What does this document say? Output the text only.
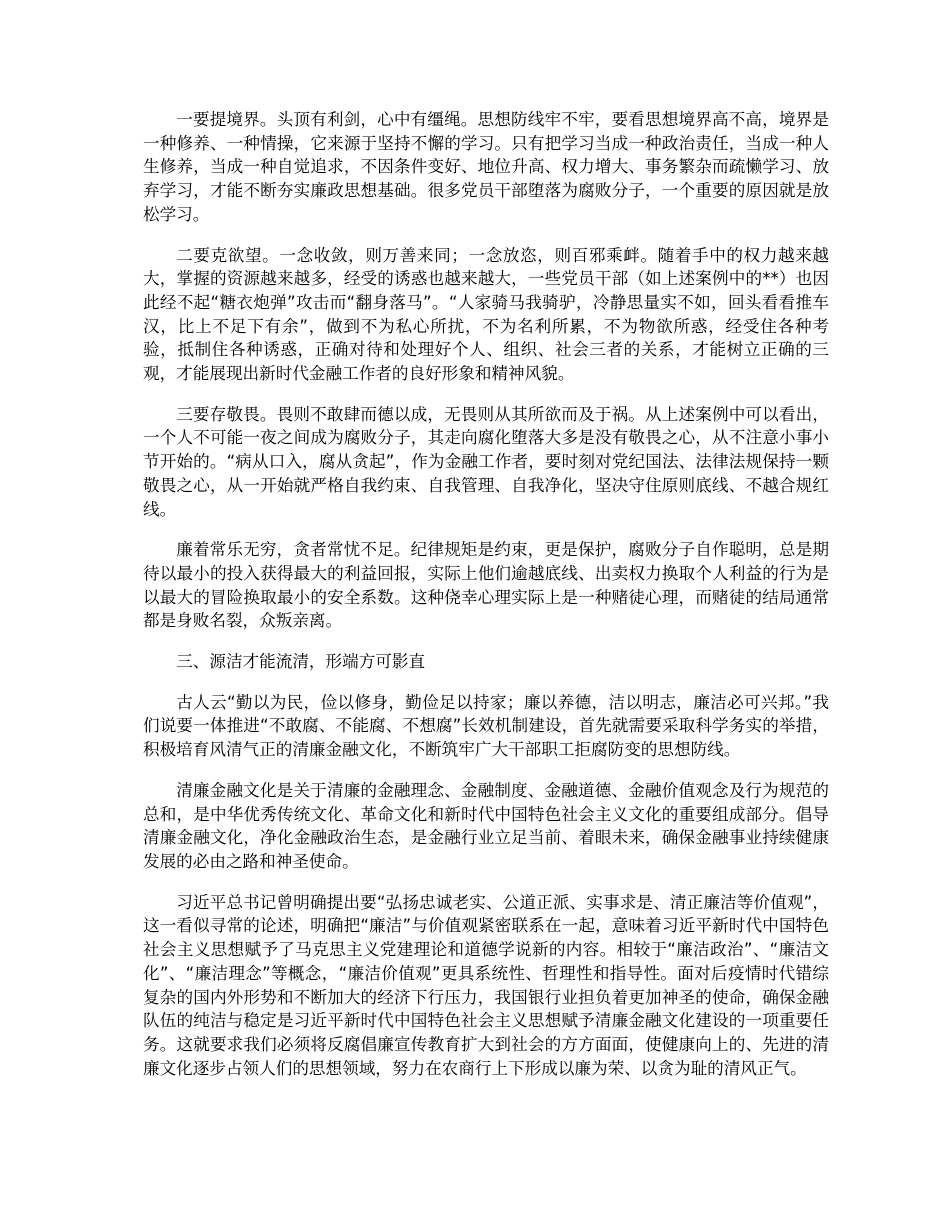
一要提境界。头顶有利剑，心中有缰绳。思想防线牢不牢，要看思想境界高不高，境界是一种修养、一种情操，它来源于坚持不懈的学习。只有把学习当成一种政治责任，当成一种人生修养，当成一种自觉追求，不因条件变好、地位升高、权力增大、事务繁杂而疏懒学习、放弃学习，才能不断夯实廉政思想基础。很多党员干部堕落为腐败分子，一个重要的原因就是放松学习。

二要克欲望。一念收敛，则万善来同；一念放恣，则百邪乘衅。随着手中的权力越来越大，掌握的资源越来越多，经受的诱惑也越来越大，一些党员干部（如上述案例中的**）也因此经不起“糖衣炮弹”攻击而“翻身落马”。“人家骑马我骑驴，冷静思量实不如，回头看看推车汉，比上不足下有余”，做到不为私心所扰，不为名利所累，不为物欲所惑，经受住各种考验，抵制住各种诱惑，正确对待和处理好个人、组织、社会三者的关系，才能树立正确的三观，才能展现出新时代金融工作者的良好形象和精神风貌。

三要存敬畏。畏则不敢肆而德以成，无畏则从其所欲而及于祸。从上述案例中可以看出，一个人不可能一夜之间成为腐败分子，其走向腐化堕落大多是没有敬畏之心，从不注意小事小节开始的。“病从口入，腐从贪起”，作为金融工作者，要时刻对党纪国法、法律法规保持一颗敬畏之心，从一开始就严格自我约束、自我管理、自我净化，坚决守住原则底线、不越合规红线。

廉着常乐无穷，贪者常忧不足。纪律规矩是约束，更是保护，腐败分子自作聪明，总是期待以最小的投入获得最大的利益回报，实际上他们逾越底线、出卖权力换取个人利益的行为是以最大的冒险换取最小的安全系数。这种侥幸心理实际上是一种赌徒心理，而赌徒的结局通常都是身败名裂，众叛亲离。

三、源洁才能流清，形端方可影直

古人云“勤以为民，俭以修身，勤俭足以持家；廉以养德，洁以明志，廉洁必可兴邦。”我们说要一体推进“不敢腐、不能腐、不想腐”长效机制建设，首先就需要采取科学务实的举措，积极培育风清气正的清廉金融文化，不断筑牢广大干部职工拒腐防变的思想防线。

清廉金融文化是关于清廉的金融理念、金融制度、金融道德、金融价值观念及行为规范的总和，是中华优秀传统文化、革命文化和新时代中国特色社会主义文化的重要组成部分。倡导清廉金融文化，净化金融政治生态，是金融行业立足当前、着眼未来，确保金融事业持续健康发展的必由之路和神圣使命。

习近平总书记曾明确提出要“弘扬忠诚老实、公道正派、实事求是、清正廉洁等价值观”，这一看似寻常的论述，明确把“廉洁”与价值观紧密联系在一起，意味着习近平新时代中国特色社会主义思想赋予了马克思主义党建理论和道德学说新的内容。相较于“廉洁政治”、“廉洁文化”、“廉洁理念”等概念，“廉洁价值观”更具系统性、哲理性和指导性。面对后疫情时代错综复杂的国内外形势和不断加大的经济下行压力，我国银行业担负着更加神圣的使命，确保金融队伍的纯洁与稳定是习近平新时代中国特色社会主义思想赋予清廉金融文化建设的一项重要任务。这就要求我们必须将反腐倡廉宣传教育扩大到社会的方方面面，使健康向上的、先进的清廉文化逐步占领人们的思想领域，努力在农商行上下形成以廉为荣、以贪为耻的清风正气。
